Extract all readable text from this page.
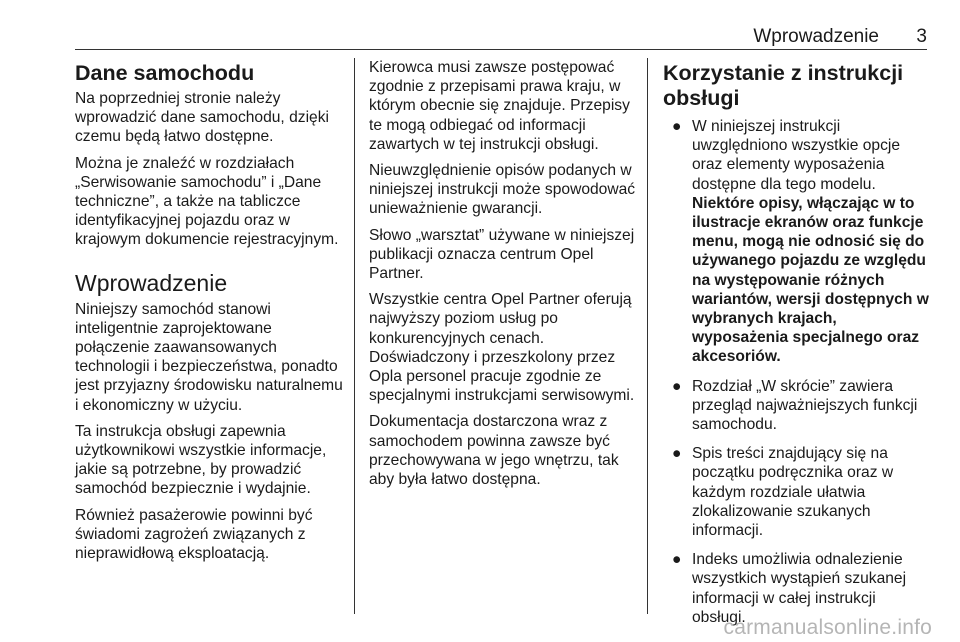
Wprowadzenie 3
Dane samochodu

Na poprzedniej stronie należy wprowadzić dane samochodu, dzięki czemu będą łatwo dostępne.

Można je znaleźć w rozdziałach „Serwisowanie samochodu” i „Dane techniczne”, a także na tabliczce identyfikacyjnej pojazdu oraz w krajowym dokumencie rejestracyjnym.

Wprowadzenie

Niniejszy samochód stanowi inteligentnie zaprojektowane połączenie zaawansowanych technologii i bezpieczeństwa, ponadto jest przyjazny środowisku naturalnemu i ekonomiczny w użyciu.

Ta instrukcja obsługi zapewnia użytkownikowi wszystkie informacje, jakie są potrzebne, by prowadzić samochód bezpiecznie i wydajnie.

Również pasażerowie powinni być świadomi zagrożeń związanych z nieprawidłową eksploatacją.

Kierowca musi zawsze postępować zgodnie z przepisami prawa kraju, w którym obecnie się znajduje. Przepisy te mogą odbiegać od informacji zawartych w tej instrukcji obsługi.

Nieuwzględnienie opisów podanych w niniejszej instrukcji może spowodować unieważnienie gwarancji.

Słowo „warsztat” używane w niniejszej publikacji oznacza centrum Opel Partner.

Wszystkie centra Opel Partner oferują najwyższy poziom usług po konkurencyjnych cenach.

Doświadczony i przeszkolony przez Opla personel pracuje zgodnie ze specjalnymi instrukcjami serwisowymi.

Dokumentacja dostarczona wraz z samochodem powinna zawsze być przechowywana w jego wnętrzu, tak aby była łatwo dostępna.

Korzystanie z instrukcji obsługi
● W niniejszej instrukcji uwzględniono wszystkie opcje oraz elementy wyposażenia dostępne dla tego modelu.
Niektóre opisy, włączając w to ilustracje ekranów oraz funkcje menu, mogą nie odnosić się do używanego pojazdu ze względu na występowanie różnych wariantów, wersji dostępnych w wybranych krajach, wyposażenia specjalnego oraz akcesoriów.
● Rozdział „W skrócie” zawiera przegląd najważniejszych funkcji samochodu.
● Spis treści znajdujący się na początku podręcznika oraz w każdym rozdziale ułatwia zlokalizowanie szukanych informacji.
● Indeks umożliwia odnalezienie wszystkich wystąpień szukanej informacji w całej instrukcji obsługi.
carmanualsonline.info
